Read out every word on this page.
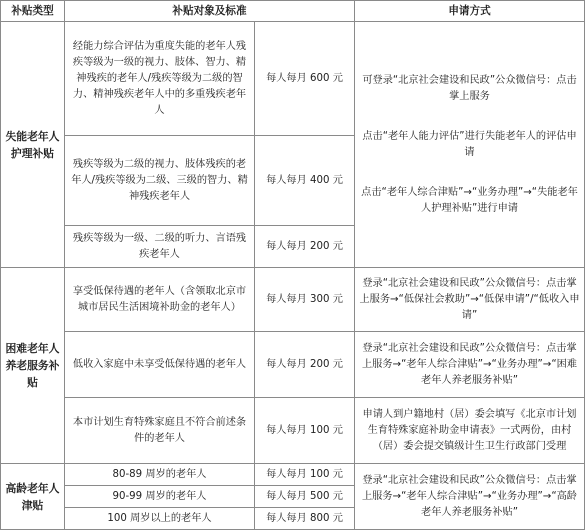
补贴类型	补贴对象及标准		申请方式
失能老年人护理补贴	经能力综合评估为重度失能的老年人残疾等级为一级的视力、肢体、智力、精神残疾的老年人/残疾等级为二级的智力、精神残疾老年人中的多重残疾老年人	每人每月 600 元	可登录“北京社会建设和民政”公众微信号：点击掌上服务

点击“老年人能力评估”进行失能老年人的评估申请

点击“老年人综合津贴”→“业务办理”→“失能老年人护理补贴”进行申请

	残疾等级为二级的视力、肢体残疾的老年人/残疾等级为二级、三级的智力、精神残疾老年人	每人每月 400 元	
	残疾等级为一级、二级的听力、言语残疾老年人	每人每月 200 元	
困难老年人养老服务补贴	享受低保待遇的老年人（含领取北京市城市居民生活困境补助金的老年人）	每人每月 300 元	登录“北京社会建设和民政”公众微信号：点击掌上服务→“低保社会救助”→“低保申请”/“低收入申请”
	低收入家庭中未享受低保待遇的老年人	每人每月 200 元	登录“北京社会建设和民政”公众微信号：点击掌上服务→“老年人综合津贴”→“业务办理”→“困难老年人养老服务补贴”
	本市计划生育特殊家庭且不符合前述条件的老年人	每人每月 100 元	申请人到户籍地村（居）委会填写《北京市计划生育特殊家庭补助金申请表》一式两份，由村（居）委会提交镇级计生卫生行政部门受理
高龄老年人津贴	80-89 周岁的老年人	每人每月 100 元	登录“北京社会建设和民政”公众微信号：点击掌上服务→“老年人综合津贴”→“业务办理”→“高龄老年人养老服务补贴”
	90-99 周岁的老年人	每人每月 500 元	
	100 周岁以上的老年人	每人每月 800 元	
